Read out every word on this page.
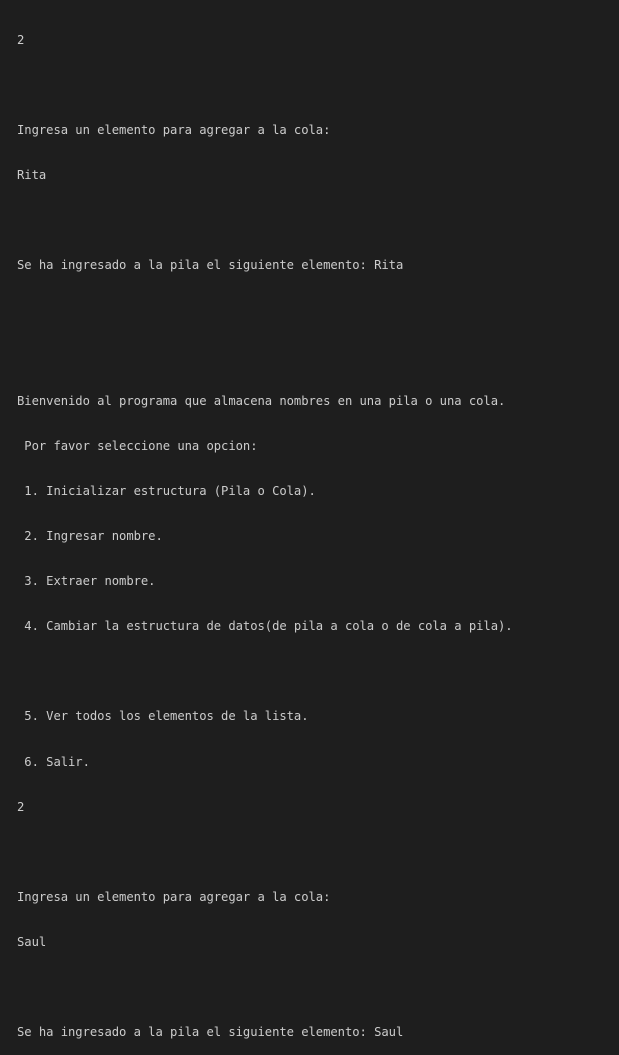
2

Ingresa un elemento para agregar a la cola:

Rita

Se ha ingresado a la pila el siguiente elemento: Rita

Bienvenido al programa que almacena nombres en una pila o una cola.

Por favor seleccione una opcion:

1. Inicializar estructura (Pila o Cola).

2. Ingresar nombre.

3. Extraer nombre.

4. Cambiar la estructura de datos(de pila a cola o de cola a pila).

5. Ver todos los elementos de la lista.

6. Salir.

2

Ingresa un elemento para agregar a la cola:

Saul

Se ha ingresado a la pila el siguiente elemento: Saul
